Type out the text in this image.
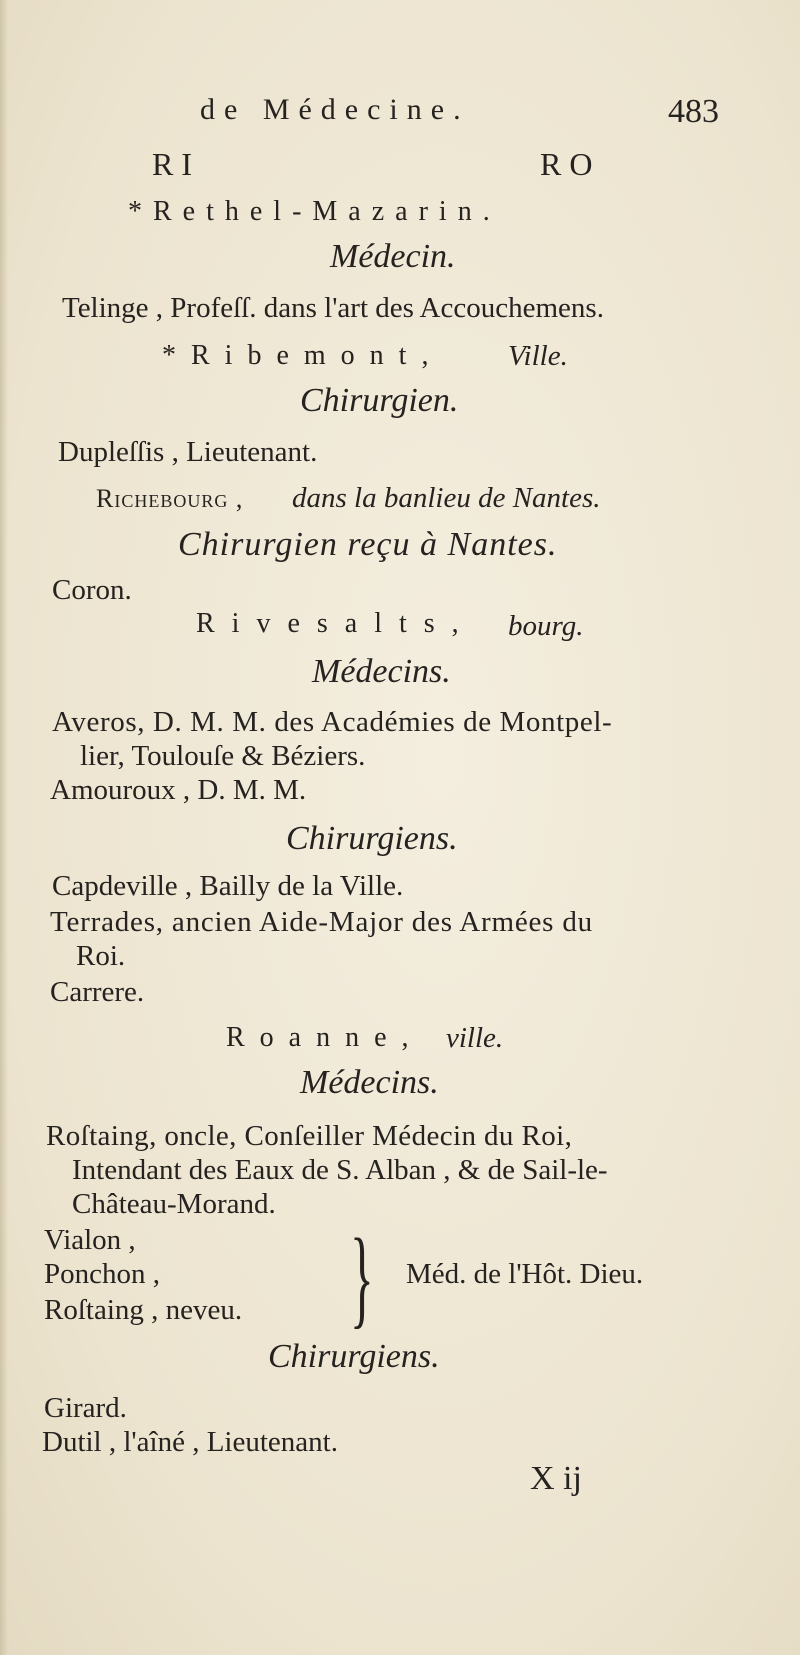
de Médecine.	483
RI	RO
*Rethel-Mazarin.
Médecin.
Telinge , Profeſſ. dans l'art des Accouchemens.
*Ribemont, Ville.
Chirurgien.
Dupleſſis , Lieutenant.
Richebourg , dans la banlieu de Nantes.
Chirurgien reçu à Nantes.
Coron.
Rivesalts, bourg.
Médecins.
Averos, D. M. M. des Académies de Montpel-
lier, Toulouſe & Béziers.
Amouroux , D. M. M.
Chirurgiens.
Capdeville , Bailly de la Ville.
Terrades, ancien Aide-Major des Armées du
Roi.
Carrere.
Roanne, ville.
Médecins.
Roſtaing, oncle, Conſeiller Médecin du Roi,
Intendant des Eaux de S. Alban , & de Sail-le-
Château-Morand.
Vialon ,
Ponchon ,
Roſtaing , neveu. } Méd. de l'Hôt. Dieu.
Chirurgiens.
Girard.
Dutil , l'aîné , Lieutenant.
X ij
